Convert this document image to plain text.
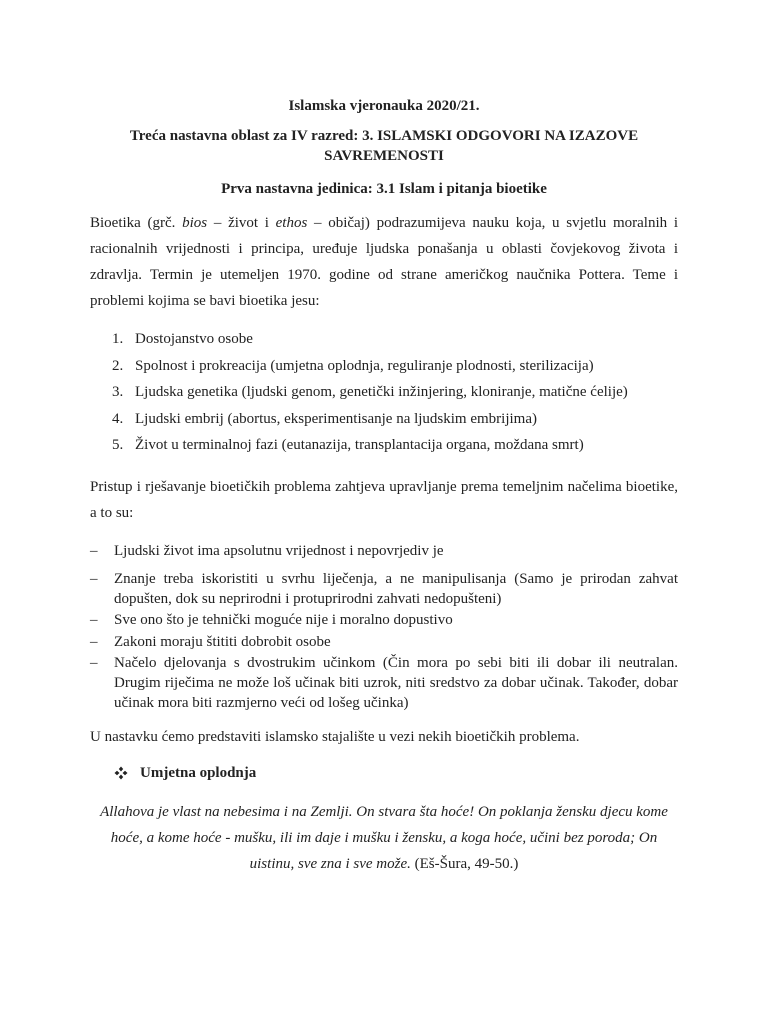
Islamska vjeronauka 2020/21.
Treća nastavna oblast za IV razred: 3. ISLAMSKI ODGOVORI NA IZAZOVE SAVREMENOSTI
Prva nastavna jedinica: 3.1 Islam i pitanja bioetike

Bioetika (grč. bios – život i ethos – običaj) podrazumijeva nauku koja, u svjetlu moralnih i racionalnih vrijednosti i principa, uređuje ljudska ponašanja u oblasti čovjekovog života i zdravlja. Termin je utemeljen 1970. godine od strane američkog naučnika Pottera. Teme i problemi kojima se bavi bioetika jesu:

1. Dostojanstvo osobe
2. Spolnost i prokreacija (umjetna oplodnja, reguliranje plodnosti, sterilizacija)
3. Ljudska genetika (ljudski genom, genetički inžinjering, kloniranje, matične ćelije)
4. Ljudski embrij (abortus, eksperimentisanje na ljudskim embrijima)
5. Život u terminalnoj fazi (eutanazija, transplantacija organa, moždana smrt)

Pristup i rješavanje bioetičkih problema zahtjeva upravljanje prema temeljnim načelima bioetike, a to su:

– Ljudski život ima apsolutnu vrijednost i nepovrjediv je
– Znanje treba iskoristiti u svrhu liječenja, a ne manipulisanja (Samo je prirodan zahvat dopušten, dok su neprirodni i protuprirodni zahvati nedopušteni)
– Sve ono što je tehnički moguće nije i moralno dopustivo
– Zakoni moraju štititi dobrobit osobe
– Načelo djelovanja s dvostrukim učinkom (Čin mora po sebi biti ili dobar ili neutralan. Drugim riječima ne može loš učinak biti uzrok, niti sredstvo za dobar učinak. Također, dobar učinak mora biti razmjerno veći od lošeg učinka)

U nastavku ćemo predstaviti islamsko stajalište u vezi nekih bioetičkih problema.

Umjetna oplodnja

Allahova je vlast na nebesima i na Zemlji. On stvara šta hoće! On poklanja žensku djecu kome hoće, a kome hoće - mušku, ili im daje i mušku i žensku, a koga hoće, učini bez poroda; On uistinu, sve zna i sve može. (Eš-Šura, 49-50.)
